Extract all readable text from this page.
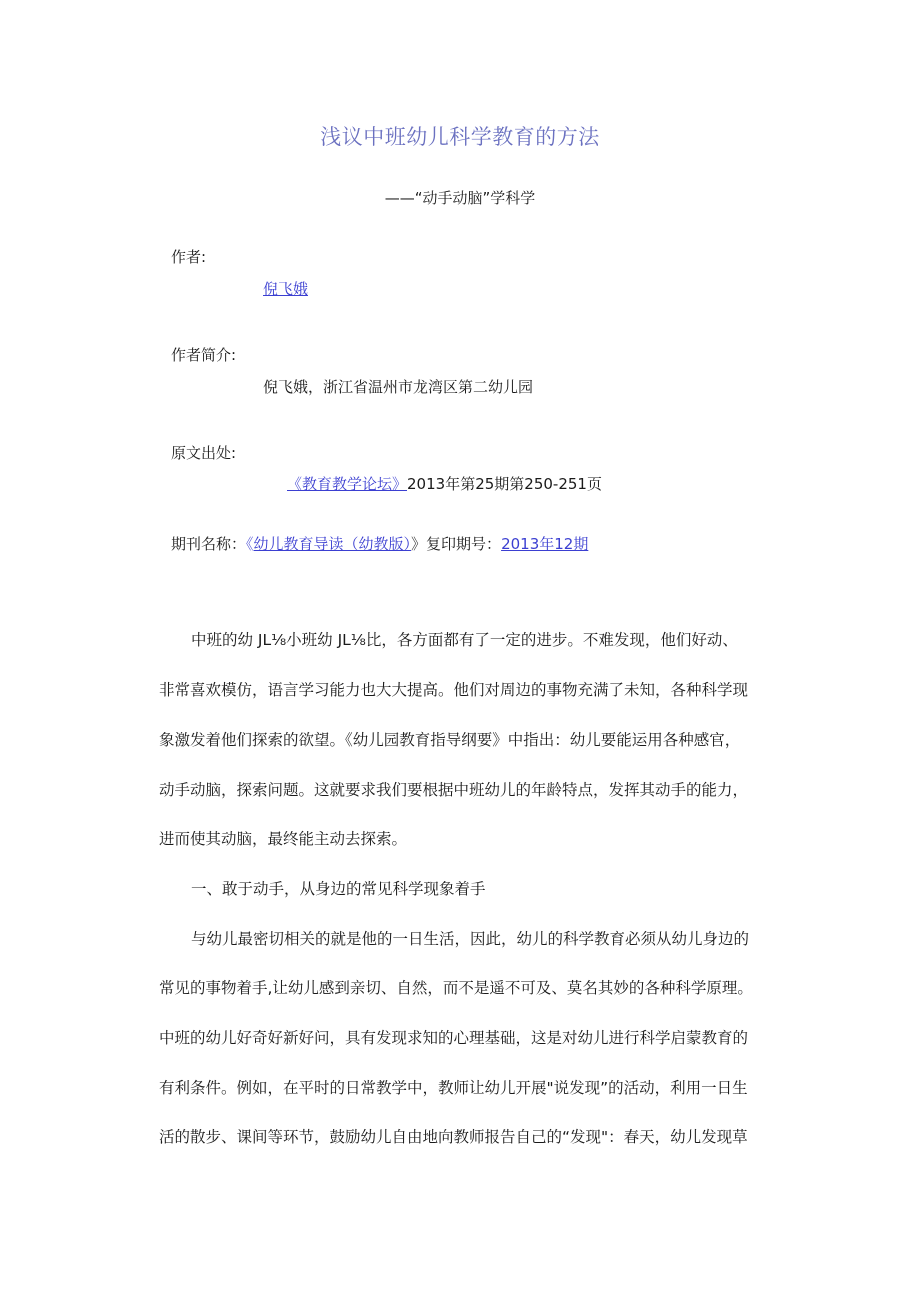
浅议中班幼儿科学教育的方法
——“动手动脑”学科学
作者:
倪飞娥
作者简介:
倪飞娥，浙江省温州市龙湾区第二幼儿园
原文出处:
《教育教学论坛》2013年第25期第250-251页
期刊名称：《幼儿教育导读（幼教版）》复印期号：2013年12期
中班的幼 JL⅛小班幼 JL⅛比，各方面都有了一定的进步。不难发现，他们好动、
非常喜欢模仿，语言学习能力也大大提高。他们对周边的事物充满了未知，各种科学现
象激发着他们探索的欲望。《幼儿园教育指导纲要》中指出：幼儿要能运用各种感官，
动手动脑，探索问题。这就要求我们要根据中班幼儿的年龄特点，发挥其动手的能力，
进而使其动脑，最终能主动去探索。
一、敢于动手，从身边的常见科学现象着手
与幼儿最密切相关的就是他的一日生活，因此，幼儿的科学教育必须从幼儿身边的
常见的事物着手,让幼儿感到亲切、自然，而不是遥不可及、莫名其妙的各种科学原理。
中班的幼儿好奇好新好问，具有发现求知的心理基础，这是对幼儿进行科学启蒙教育的
有利条件。例如，在平时的日常教学中，教师让幼儿开展"说发现”的活动，利用一日生
活的散步、课间等环节，鼓励幼儿自由地向教师报告自己的“发现"：春天，幼儿发现草
